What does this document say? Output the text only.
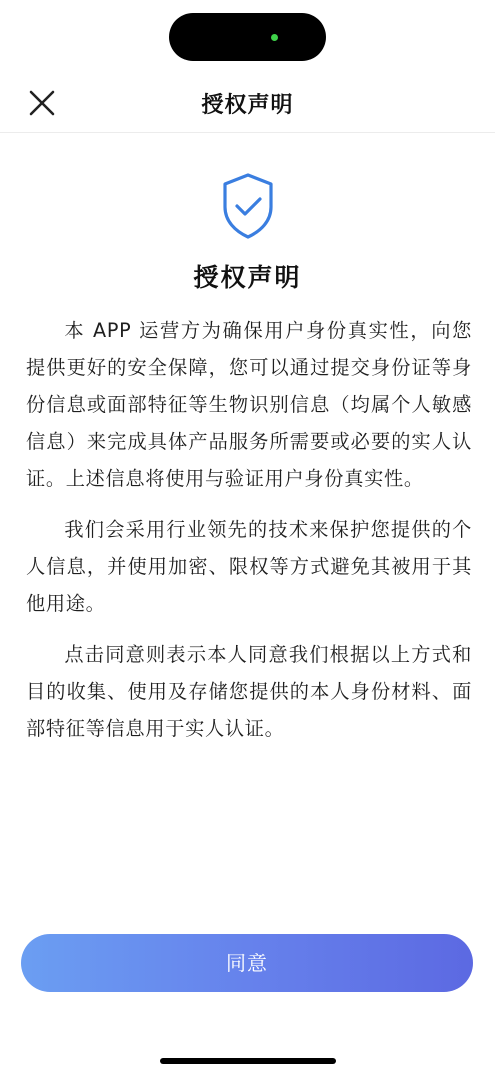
授权声明
授权声明

本 APP 运营方为确保用户身份真实性，向您提供更好的安全保障，您可以通过提交身份证等身份信息或面部特征等生物识别信息（均属个人敏感信息）来完成具体产品服务所需要或必要的实人认证。上述信息将使用与验证用户身份真实性。

我们会采用行业领先的技术来保护您提供的个人信息，并使用加密、限权等方式避免其被用于其他用途。

点击同意则表示本人同意我们根据以上方式和目的收集、使用及存储您提供的本人身份材料、面部特征等信息用于实人认证。

同意
